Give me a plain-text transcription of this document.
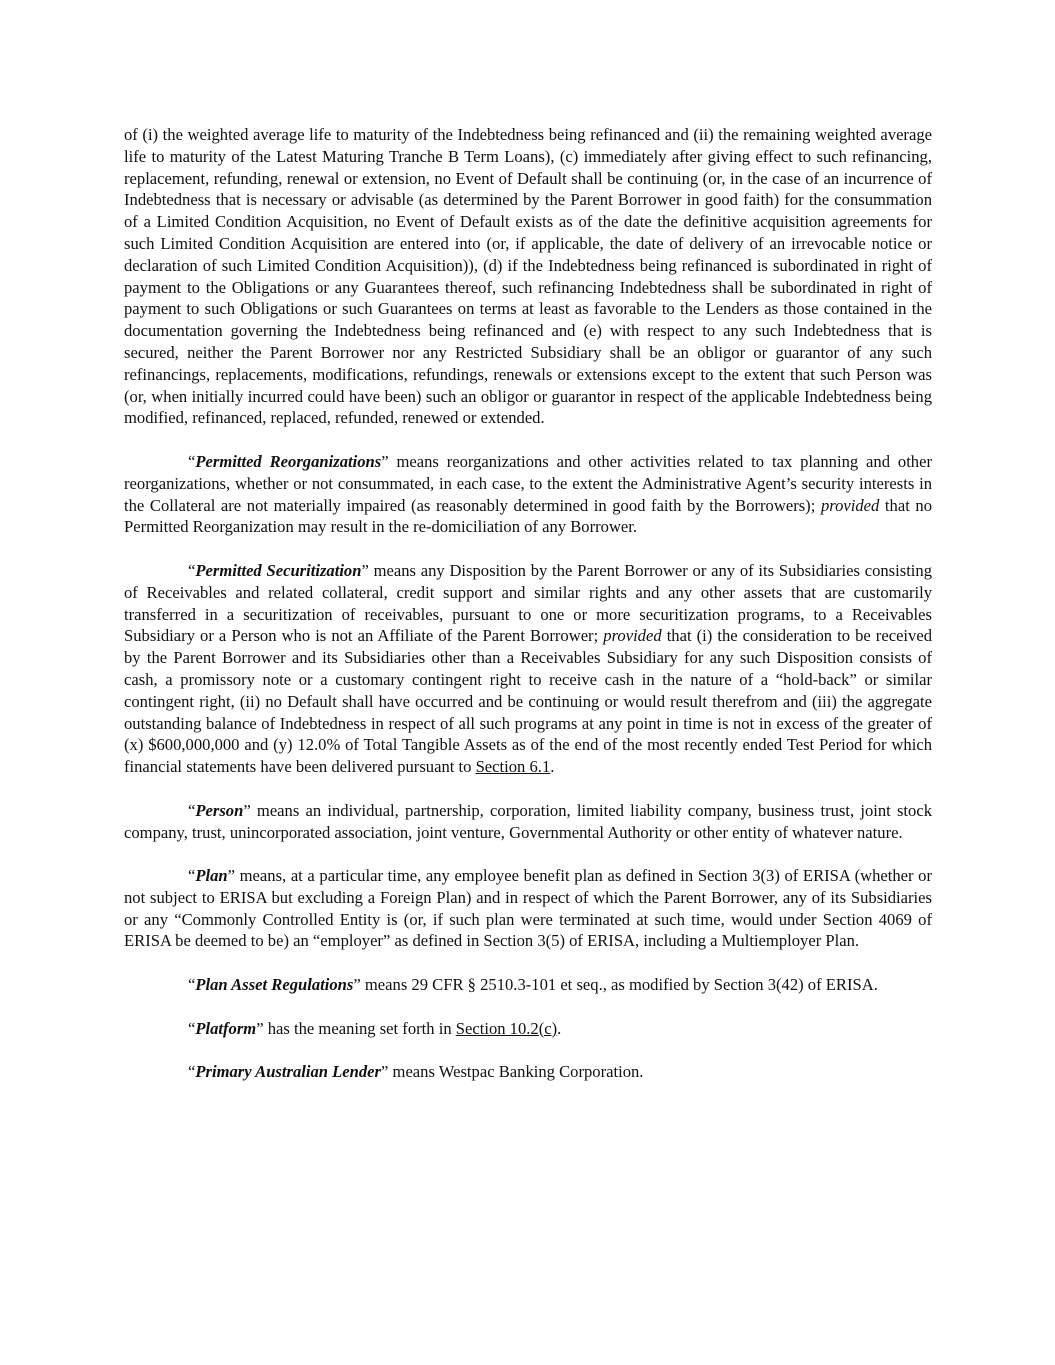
of (i) the weighted average life to maturity of the Indebtedness being refinanced and (ii) the remaining weighted average life to maturity of the Latest Maturing Tranche B Term Loans), (c) immediately after giving effect to such refinancing, replacement, refunding, renewal or extension, no Event of Default shall be continuing (or, in the case of an incurrence of Indebtedness that is necessary or advisable (as determined by the Parent Borrower in good faith) for the consummation of a Limited Condition Acquisition, no Event of Default exists as of the date the definitive acquisition agreements for such Limited Condition Acquisition are entered into (or, if applicable, the date of delivery of an irrevocable notice or declaration of such Limited Condition Acquisition)), (d) if the Indebtedness being refinanced is subordinated in right of payment to the Obligations or any Guarantees thereof, such refinancing Indebtedness shall be subordinated in right of payment to such Obligations or such Guarantees on terms at least as favorable to the Lenders as those contained in the documentation governing the Indebtedness being refinanced and (e) with respect to any such Indebtedness that is secured, neither the Parent Borrower nor any Restricted Subsidiary shall be an obligor or guarantor of any such refinancings, replacements, modifications, refundings, renewals or extensions except to the extent that such Person was (or, when initially incurred could have been) such an obligor or guarantor in respect of the applicable Indebtedness being modified, refinanced, replaced, refunded, renewed or extended.

“Permitted Reorganizations” means reorganizations and other activities related to tax planning and other reorganizations, whether or not consummated, in each case, to the extent the Administrative Agent’s security interests in the Collateral are not materially impaired (as reasonably determined in good faith by the Borrowers); provided that no Permitted Reorganization may result in the re-domiciliation of any Borrower.

“Permitted Securitization” means any Disposition by the Parent Borrower or any of its Subsidiaries consisting of Receivables and related collateral, credit support and similar rights and any other assets that are customarily transferred in a securitization of receivables, pursuant to one or more securitization programs, to a Receivables Subsidiary or a Person who is not an Affiliate of the Parent Borrower; provided that (i) the consideration to be received by the Parent Borrower and its Subsidiaries other than a Receivables Subsidiary for any such Disposition consists of cash, a promissory note or a customary contingent right to receive cash in the nature of a “hold-back” or similar contingent right, (ii) no Default shall have occurred and be continuing or would result therefrom and (iii) the aggregate outstanding balance of Indebtedness in respect of all such programs at any point in time is not in excess of the greater of (x) $600,000,000 and (y) 12.0% of Total Tangible Assets as of the end of the most recently ended Test Period for which financial statements have been delivered pursuant to Section 6.1.

“Person” means an individual, partnership, corporation, limited liability company, business trust, joint stock company, trust, unincorporated association, joint venture, Governmental Authority or other entity of whatever nature.

“Plan” means, at a particular time, any employee benefit plan as defined in Section 3(3) of ERISA (whether or not subject to ERISA but excluding a Foreign Plan) and in respect of which the Parent Borrower, any of its Subsidiaries or any “Commonly Controlled Entity is (or, if such plan were terminated at such time, would under Section 4069 of ERISA be deemed to be) an “employer” as defined in Section 3(5) of ERISA, including a Multiemployer Plan.

“Plan Asset Regulations” means 29 CFR § 2510.3-101 et seq., as modified by Section 3(42) of ERISA.

“Platform” has the meaning set forth in Section 10.2(c).

“Primary Australian Lender” means Westpac Banking Corporation.
